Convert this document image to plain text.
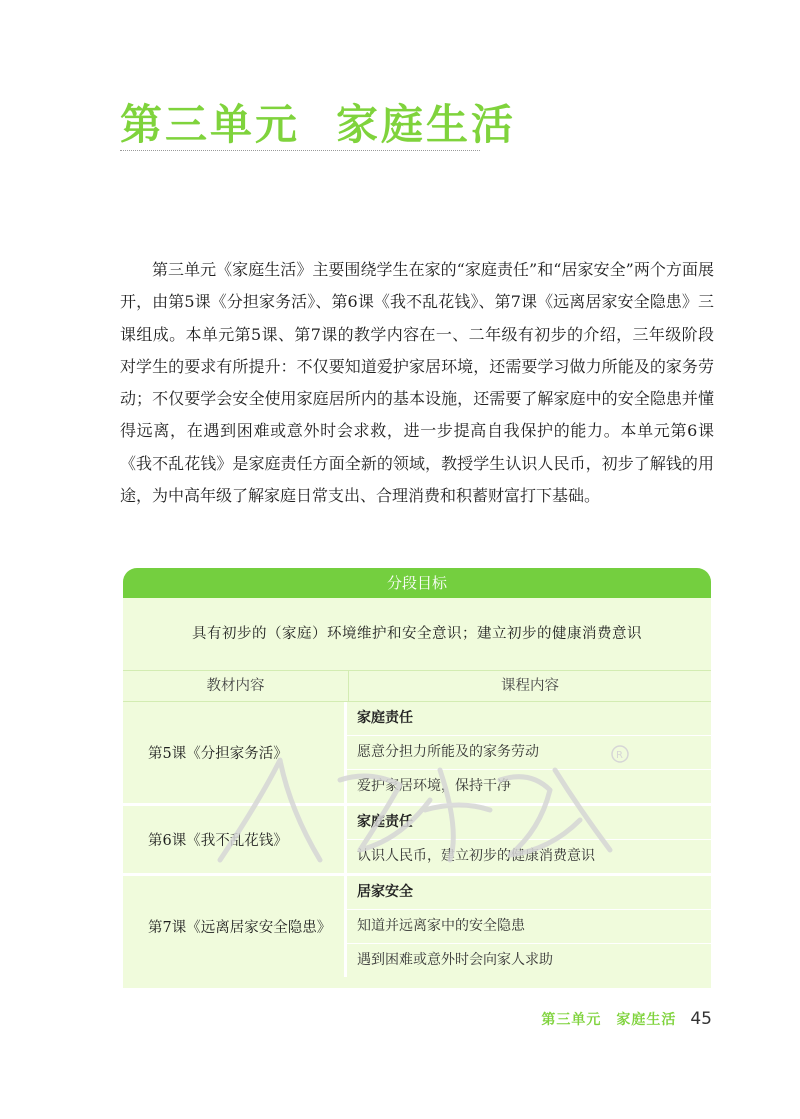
第三单元 家庭生活

第三单元《家庭生活》主要围绕学生在家的“家庭责任”和“居家安全”两个方面展开，由第5课《分担家务活》、第6课《我不乱花钱》、第7课《远离居家安全隐患》三课组成。本单元第5课、第7课的教学内容在一、二年级有初步的介绍，三年级阶段对学生的要求有所提升：不仅要知道爱护家居环境，还需要学习做力所能及的家务劳动；不仅要学会安全使用家庭居所内的基本设施，还需要了解家庭中的安全隐患并懂得远离，在遇到困难或意外时会求救，进一步提高自我保护的能力。本单元第6课《我不乱花钱》是家庭责任方面全新的领域，教授学生认识人民币，初步了解钱的用途，为中高年级了解家庭日常支出、合理消费和积蓄财富打下基础。

分段目标
具有初步的（家庭）环境维护和安全意识；建立初步的健康消费意识
教材内容	课程内容
第5课《分担家务活》
家庭责任
愿意分担力所能及的家务劳动
爱护家居环境，保持干净
第6课《我不乱花钱》
家庭责任
认识人民币，建立初步的健康消费意识
第7课《远离居家安全隐患》
居家安全
知道并远离家中的安全隐患
遇到困难或意外时会向家人求助
R
第三单元　家庭生活 45
